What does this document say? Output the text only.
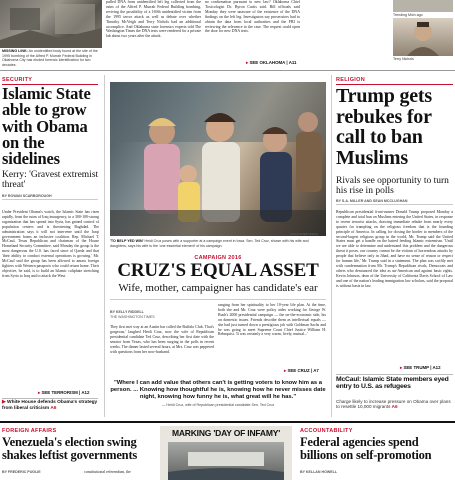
MISSING LINK: An unidentified body found at the site of the 1995 bombing of the Alfred P. Murrah Federal Building in Oklahoma City has eluded forensic identification for two decades.
pulled DNA from unidentified left leg collected from the ruins of the Alfred P. Murrah Federal Building bombing, reviving the possibility of a 169th unidentified victim from the 1995 terror attack as well as debate over whether Timothy McVeigh and Terry Nichols had an additional accomplice. And Oklahoma state forensics experts told The Washington Times the DNA tests were rendered for a private lab about two years after the attack.
no confirmation pursuant to new law? Oklahoma Chief Toxicologist Dr. Byron Curtis said. Bill officials said Monday they were unaware of the existence of the DNA findings on the left leg. Investigators say prosecutors had to obtain the data from local authorities and the FBI is reviewing the relevance to the case. The request could open the door for new DNA tests.
▸ SEE OKLAHOMA | A11
Trending Mich ago
Terry Nichols
SECURITY
Islamic State able to grow with Obama on the sidelines
Kerry: 'Gravest extremist threat'
BY ROWAN SCARBOROUGH
Under President Obama's watch, the Islamic State has risen rapidly, from the ruins of Iraq insurgency, to a 300-100-strong organization that has spread into Syria, has gained control of population centers and is threatening Baghdad. The administration says it will not intervene until the Iraqi government forms an inclusive coalition. Rep. Michael T. McCaul, Texas Republican and chairman of the House Homeland Security Committee, said Monday the group is the most dangerous the U.S. has faced since al Qaeda and that 'their ability to conduct external operations is growing.' Mr. McCaul said the group has been allowed to amass foreign fighters with Western passports who could return home. Their objective, he said, is to build an Islamic caliphate stretching from Syria to Iraq and to attack the West.
▸ SEE TERRORISM | A12
▶ White House defends Obama's strategy from liberal criticism A6
ASSOCIATED PRESS
'TO BELP YED WIN' Heidi Cruz poses with a supporter at a campaign event in Iowa. Sen. Ted Cruz, shown with his wife and daughters, says his wife is the 'one essential element' of his campaign.
CAMPAIGN 2016
CRUZ'S EQUAL ASSET
Wife, mother, campaigner has candidate's ear
BY KELLY RIDDELL
THE WASHINGTON TIMES
They first met way at an Austin bar called the Buffalo Club. That's gorgeous,' laughed Heidi Cruz, now the wife of Republican presidential candidate Ted Cruz, describing her first date with the senator from Texas, who has been surging in the polls in recent weeks. The dinner lasted several hours, at Mrs. Cruz was peppered with questions from her now-husband.
ranging from her spirituality to her 10-year life plan. At the time, both she and Mr. Cruz were policy aides working for George W. Bush's 2000 presidential campaign — the on-the-economic side, his on domestic issues. Friends describe them as intellectual equals — she had just turned down a prestigious job with Goldman Sachs and he was going to meet Supreme Court Chief Justice William H. Rehnquist. 'It was certainly a very warm, lively, mutual...'
▸ SEE CRUZ | A7
"Where I can add value that others can't is getting voters to know him as a person. ... Knowing how thoughtful he is, knowing how he never misses date night, knowing how funny he is, what great will he has."
— Heidi Cruz, wife of Republican presidential candidate Sen. Ted Cruz
RELIGION
Trump gets rebukes for call to ban Muslims
Rivals see opportunity to turn his rise in polls
BY S.A. MILLER AND SEAN MCCLUGHAN
Republican presidential front-runner Donald Trump proposed Monday a complete and total ban on Muslims entering the United States, in response to recent terrorist attacks, drawing immediate rebuke from nearly every quarter for trampling on the religious freedom that is the founding principle of America. In calling for closing the border to members of the second-largest religious group in the world, Mr. Trump said the United States must get a handle on the hatred feeding Islamic extremism. 'Until we are able to determine and understand this problem and the dangerous threat it poses, our country cannot be the victims of horrendous attacks by people that believe only in Jihad, and have no sense of reason or respect for human life,' Mr. Trump said in a statement. The plan was swiftly met with condemnation from Mr. Trump's Republican rivals, Democrats and others who denounced the idea as un-American and against basic rights. Kevin Johnson, dean of the University of California Davis School of Law and one of the nation's leading immigration law scholars, said the proposal is without basis in law.
▸ SEE TRUMP | A12
McCaul: Islamic State members eyed entry to U.S. as refugees
Charge likely to increase pressure on Obama over plans to resettle 10,000 migrants A6
FOREIGN AFFAIRS
Venezuela's election swing shakes leftist governments
BY FREDERIC PUGLIE	constitutional referendum, the
MARKING 'DAY OF INFAMY'	ACCOUNTABILITY
Federal agencies spend billions on self-promotion
BY KELLAN HOWELL
